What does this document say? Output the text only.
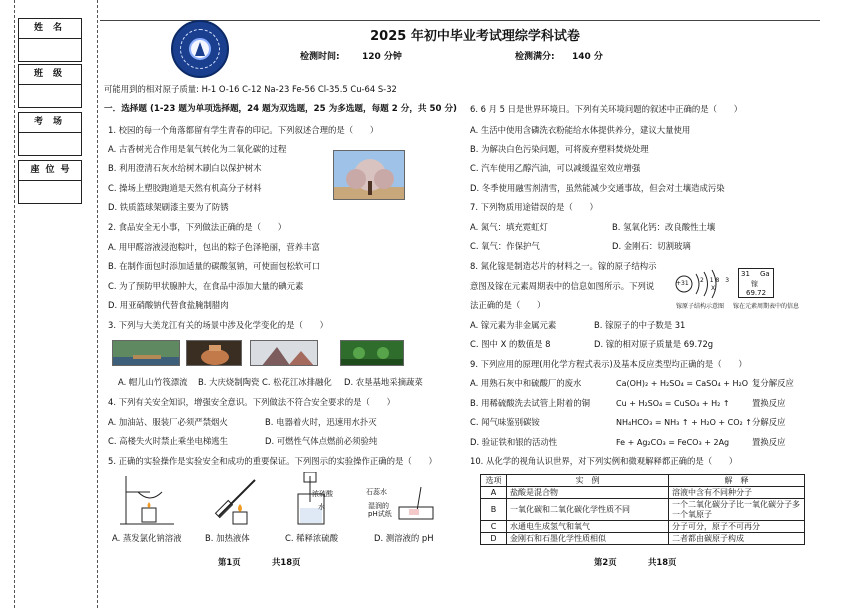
姓名
班级
考场
座位号
2025 年初中毕业考试理综学科试卷
检测时间: 120 分钟	检测满分: 140 分
可能用到的相对原子质量: H-1 O-16 C-12 Na-23 Fe-56 Cl-35.5 Cu-64 S-32
一．选择题 (1-23 题为单项选择题，24 题为双选题，25 为多选题，每题 2 分，共 50 分)
1. 校园的每一个角落都留有学生青春的印记。下列叙述合理的是（　　）
A. 古香树光合作用是氧气转化为二氧化碳的过程
B. 利用澄清石灰水给树木刷白以保护树木
C. 操场上塑胶跑道是天然有机高分子材料
D. 铁质篮球架刷漆主要为了防锈
2. 食品安全无小事，下列做法正确的是（　　）
A. 用甲醛溶液浸泡粽叶，包出的粽子色泽艳丽，营养丰富
B. 在制作面包时添加适量的碳酸氢钠，可使面包松软可口
C. 为了预防甲状腺肿大，在食品中添加大量的碘元素
D. 用亚硝酸钠代替食盐腌制腊肉
3. 下列与大美龙江有关的场景中涉及化学变化的是（　　）
A. 帽儿山竹筏漂流 B. 大庆烧制陶瓷 C. 松花江冰排融化 D. 农垦基地采摘蔬菜
4. 下列有关安全知识，增强安全意识。下列做法不符合安全要求的是（　　）
A. 加油站、服装厂必须严禁烟火	B. 电器着火时，迅速用水扑灭
C. 高楼失火时禁止乘坐电梯逃生	D. 可燃性气体点燃前必须验纯
5. 正确的实验操作是实验安全和成功的重要保证。下列图示的实验操作正确的是（　　）
浓硫酸
水
石蕊水
湿润的
pH试纸
A. 蒸发氯化钠溶液	B. 加热液体	C. 稀释浓硫酸	D. 测溶液的 pH
第1页	共18页
6. 6 月 5 日是世界环境日。下列有关环境问题的叙述中正确的是（　　）
A. 生活中使用含磷洗衣粉能给水体提供养分，建议大量使用
B. 为解决白色污染问题，可将废弃塑料焚烧处理
C. 汽车使用乙醇汽油，可以减缓温室效应增强
D. 冬季使用融雪剂清雪，虽然能减少交通事故，但会对土壤造成污染
7. 下列物质用途错误的是（　　）
A. 氮气：填充霓虹灯	B. 氢氧化钙：改良酸性土壤
C. 氧气：作保护气	D. 金刚石：切割玻璃
8. 氮化镓是制造芯片的材料之一。镓的原子结构示
意图及镓在元素周期表中的信息如图所示。下列说
法正确的是（　　）
+31 2 18 3
X
31 Ga
镓
69.72
镓原子结构示意图 镓在元素周期表中的信息
A. 镓元素为非金属元素	B. 镓原子的中子数是 31
C. 图中 X 的数值是 8	D. 镓的相对原子质量是 69.72g
9. 下列应用的原理(用化学方程式表示)及基本反应类型均正确的是（　　）
A. 用熟石灰中和硫酸厂的废水	Ca(OH)₂ + H₂SO₄ = CaSO₄ + H₂O 复分解反应
B. 用稀硫酸洗去试管上附着的铜	Cu + H₂SO₄ = CuSO₄ + H₂ ↑	置换反应
C. 闻气味鉴别碳铵	NH₄HCO₃ = NH₃ ↑ + H₂O + CO₂ ↑ 分解反应
D. 验证铁和银的活动性	Fe + Ag₂CO₃ = FeCO₃ + 2Ag	置换反应
10. 从化学的视角认识世界，对下列实例和微观解释都正确的是（　　）
选项	实　例	解　释
A	盐酸是混合物	溶液中含有不同种分子
B	一氧化碳和二氧化碳化学性质不同	一个二氧化碳分子比一氧化碳分子多一个氧原子
C	水通电生成氢气和氧气	分子可分，原子不可再分
D	金刚石和石墨化学性质相似	二者都由碳原子构成
第2页	共18页
